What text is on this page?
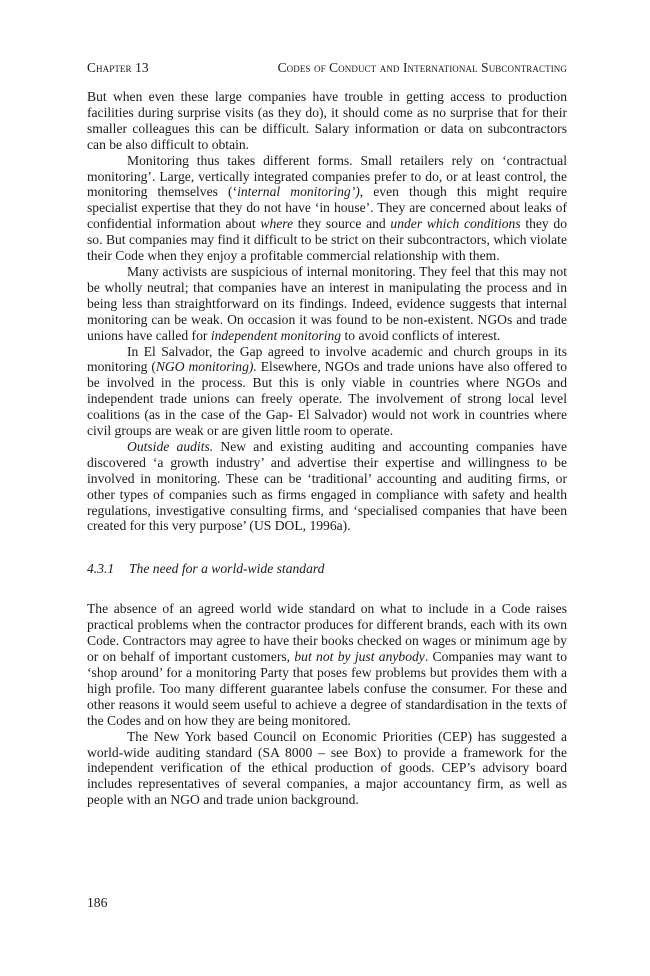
Chapter 13	Codes of Conduct and International Subcontracting

But when even these large companies have trouble in getting access to production facilities during surprise visits (as they do), it should come as no surprise that for their smaller colleagues this can be difficult. Salary information or data on subcontractors can be also difficult to obtain.

Monitoring thus takes different forms. Small retailers rely on ‘contractual monitoring’. Large, vertically integrated companies prefer to do, or at least control, the monitoring themselves (‘internal monitoring’), even though this might require specialist expertise that they do not have ‘in house’. They are concerned about leaks of confidential information about where they source and under which conditions they do so. But companies may find it difficult to be strict on their subcontractors, which violate their Code when they enjoy a profitable commercial relationship with them.

Many activists are suspicious of internal monitoring. They feel that this may not be wholly neutral; that companies have an interest in manipulating the process and in being less than straightforward on its findings. Indeed, evidence suggests that internal monitoring can be weak. On occasion it was found to be non-existent. NGOs and trade unions have called for independent monitoring to avoid conflicts of interest.

In El Salvador, the Gap agreed to involve academic and church groups in its monitoring (NGO monitoring). Elsewhere, NGOs and trade unions have also offered to be involved in the process. But this is only viable in countries where NGOs and independent trade unions can freely operate. The involvement of strong local level coalitions (as in the case of the Gap- El Salvador) would not work in countries where civil groups are weak or are given little room to operate.

Outside audits. New and existing auditing and accounting companies have discovered ‘a growth industry’ and advertise their expertise and willingness to be involved in monitoring. These can be ‘traditional’ accounting and auditing firms, or other types of companies such as firms engaged in compliance with safety and health regulations, investigative consulting firms, and ‘specialised companies that have been created for this very purpose’ (US DOL, 1996a).

4.3.1 The need for a world-wide standard

The absence of an agreed world wide standard on what to include in a Code raises practical problems when the contractor produces for different brands, each with its own Code. Contractors may agree to have their books checked on wages or minimum age by or on behalf of important customers, but not by just anybody. Companies may want to ‘shop around’ for a monitoring Party that poses few problems but provides them with a high profile. Too many different guarantee labels confuse the consumer. For these and other reasons it would seem useful to achieve a degree of standardisation in the texts of the Codes and on how they are being monitored.

The New York based Council on Economic Priorities (CEP) has suggested a world-wide auditing standard (SA 8000 – see Box) to provide a framework for the independent verification of the ethical production of goods. CEP’s advisory board includes representatives of several companies, a major accountancy firm, as well as people with an NGO and trade union background.

186
